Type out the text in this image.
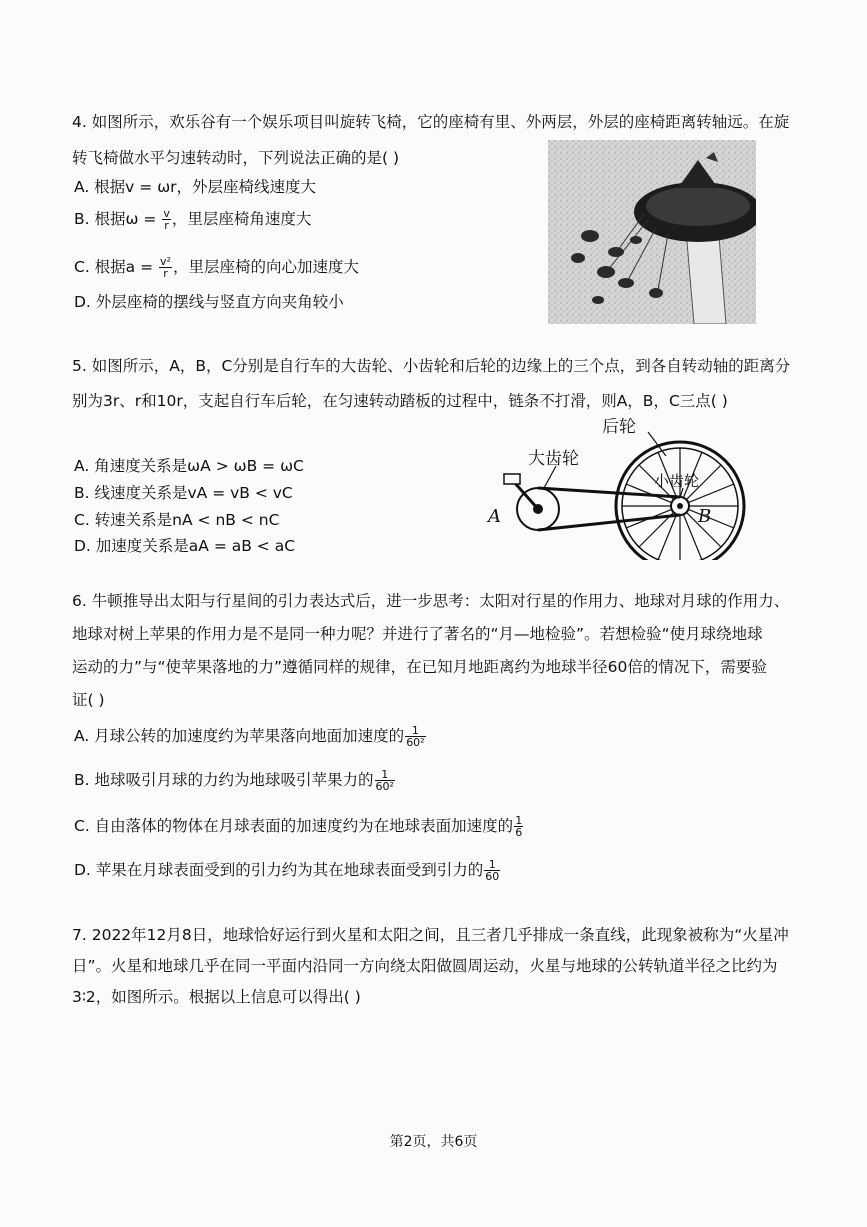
4. 如图所示，欢乐谷有一个娱乐项目叫旋转飞椅，它的座椅有里、外两层，外层的座椅距离转轴远。在旋
转飞椅做水平匀速转动时，下列说法正确的是( )
A. 根据v = ωr，外层座椅线速度大
B. 根据$\omega = \frac{v}{r}$ ，里层座椅角速度大
C. 根据$a = \frac{\text{v²}}{r}$ ，里层座椅的向心加速度大
D. 外层座椅的摆线与竖直方向夹角较小
5. 如图所示，A，B，C分别是自行车的大齿轮、小齿轮和后轮的边缘上的三个点，到各自转动轴的距离分
别为3r、r和10r，支起自行车后轮，在匀速转动踏板的过程中，链条不打滑，则A，B，C三点( )
A. 角速度关系是ωA > ωB = ωC
B. 线速度关系是vA = vB < vC
C. 转速关系是nA < nB < nC
D. 加速度关系是aA = aB < aC
后轮
大齿轮
小齿轮
A	B
6. 牛顿推导出太阳与行星间的引力表达式后，进一步思考：太阳对行星的作用力、地球对月球的作用力、
地球对树上苹果的作用力是不是同一种力呢？并进行了著名的“月—地检验”。若想检验“使月球绕地球
运动的力”与“使苹果落地的力”遵循同样的规律，在已知月地距离约为地球半径60倍的情况下，需要验
证( )
A. 月球公转的加速度约为苹果落向地面加速度的 $\frac{1}{\text{60²}}$
B. 地球吸引月球的力约为地球吸引苹果力的 $\frac{1}{\text{60²}}$
C. 自由落体的物体在月球表面的加速度约为在地球表面加速度的 $\frac{1}{6}$
D. 苹果在月球表面受到的引力约为其在地球表面受到引力的 $\frac{1}{60}$
7. 2022年12月8日，地球恰好运行到火星和太阳之间，且三者几乎排成一条直线，此现象被称为“火星冲
日”。火星和地球几乎在同一平面内沿同一方向绕太阳做圆周运动，火星与地球的公转轨道半径之比约为
3∶2，如图所示。根据以上信息可以得出( )
第2页，共6页
